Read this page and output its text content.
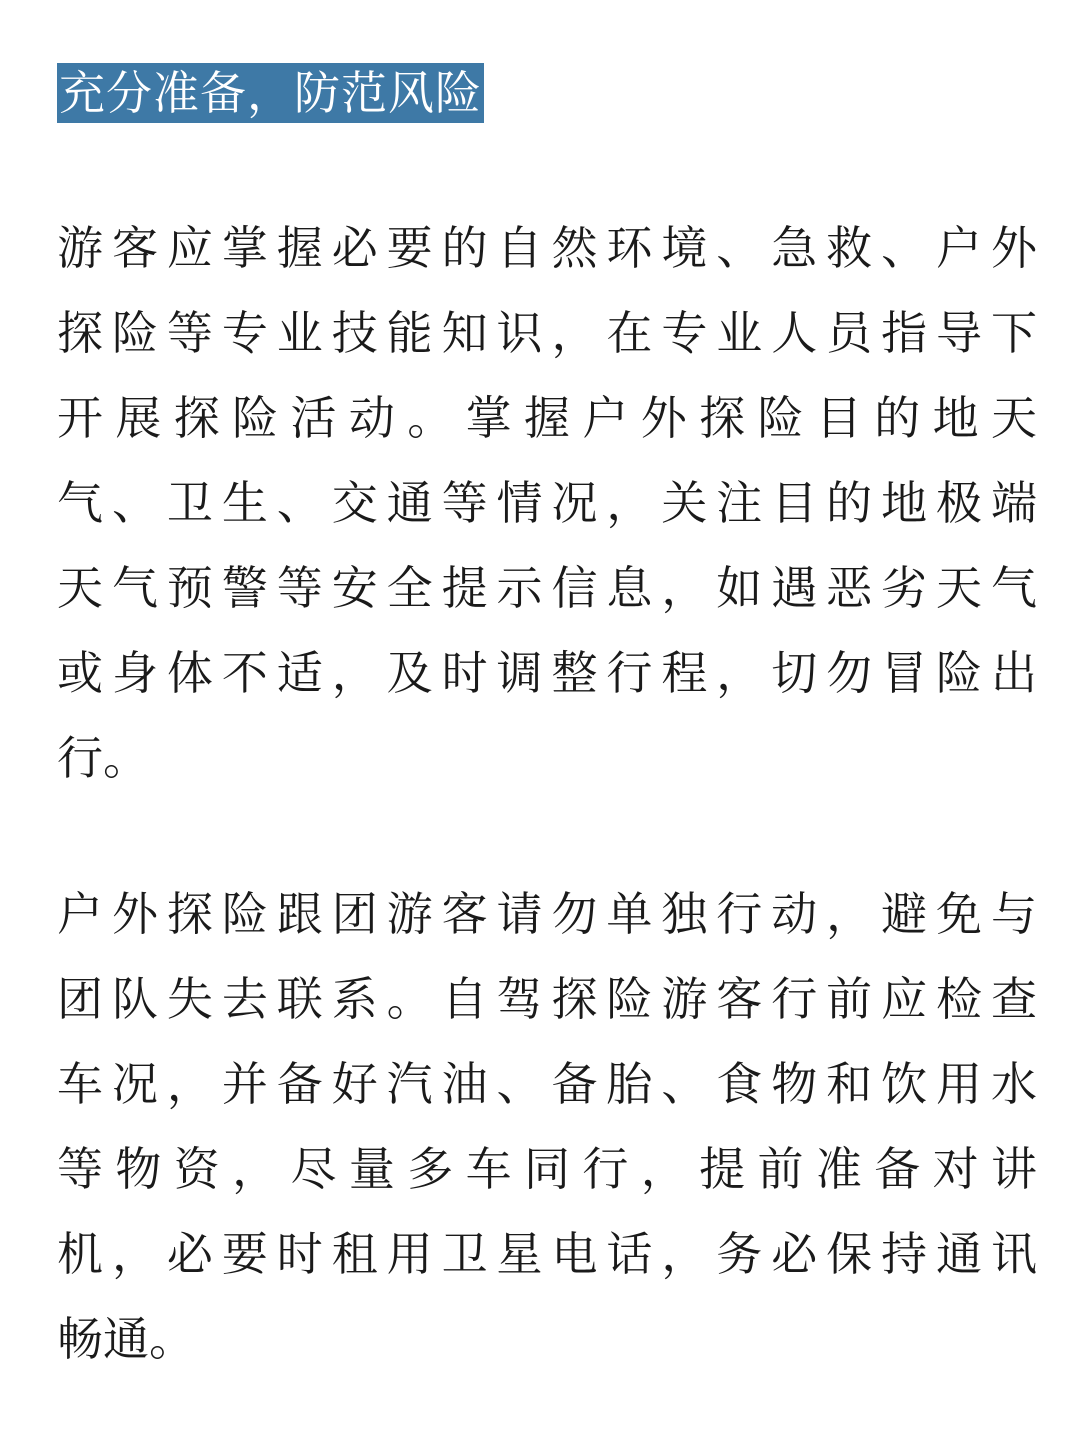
充分准备，防范风险
游客应掌握必要的自然环境、急救、户外
探险等专业技能知识，在专业人员指导下
开展探险活动。掌握户外探险目的地天
气、卫生、交通等情况，关注目的地极端
天气预警等安全提示信息，如遇恶劣天气
或身体不适，及时调整行程，切勿冒险出
行。
户外探险跟团游客请勿单独行动，避免与
团队失去联系。自驾探险游客行前应检查
车况，并备好汽油、备胎、食物和饮用水
等物资，尽量多车同行，提前准备对讲
机，必要时租用卫星电话，务必保持通讯
畅通。
